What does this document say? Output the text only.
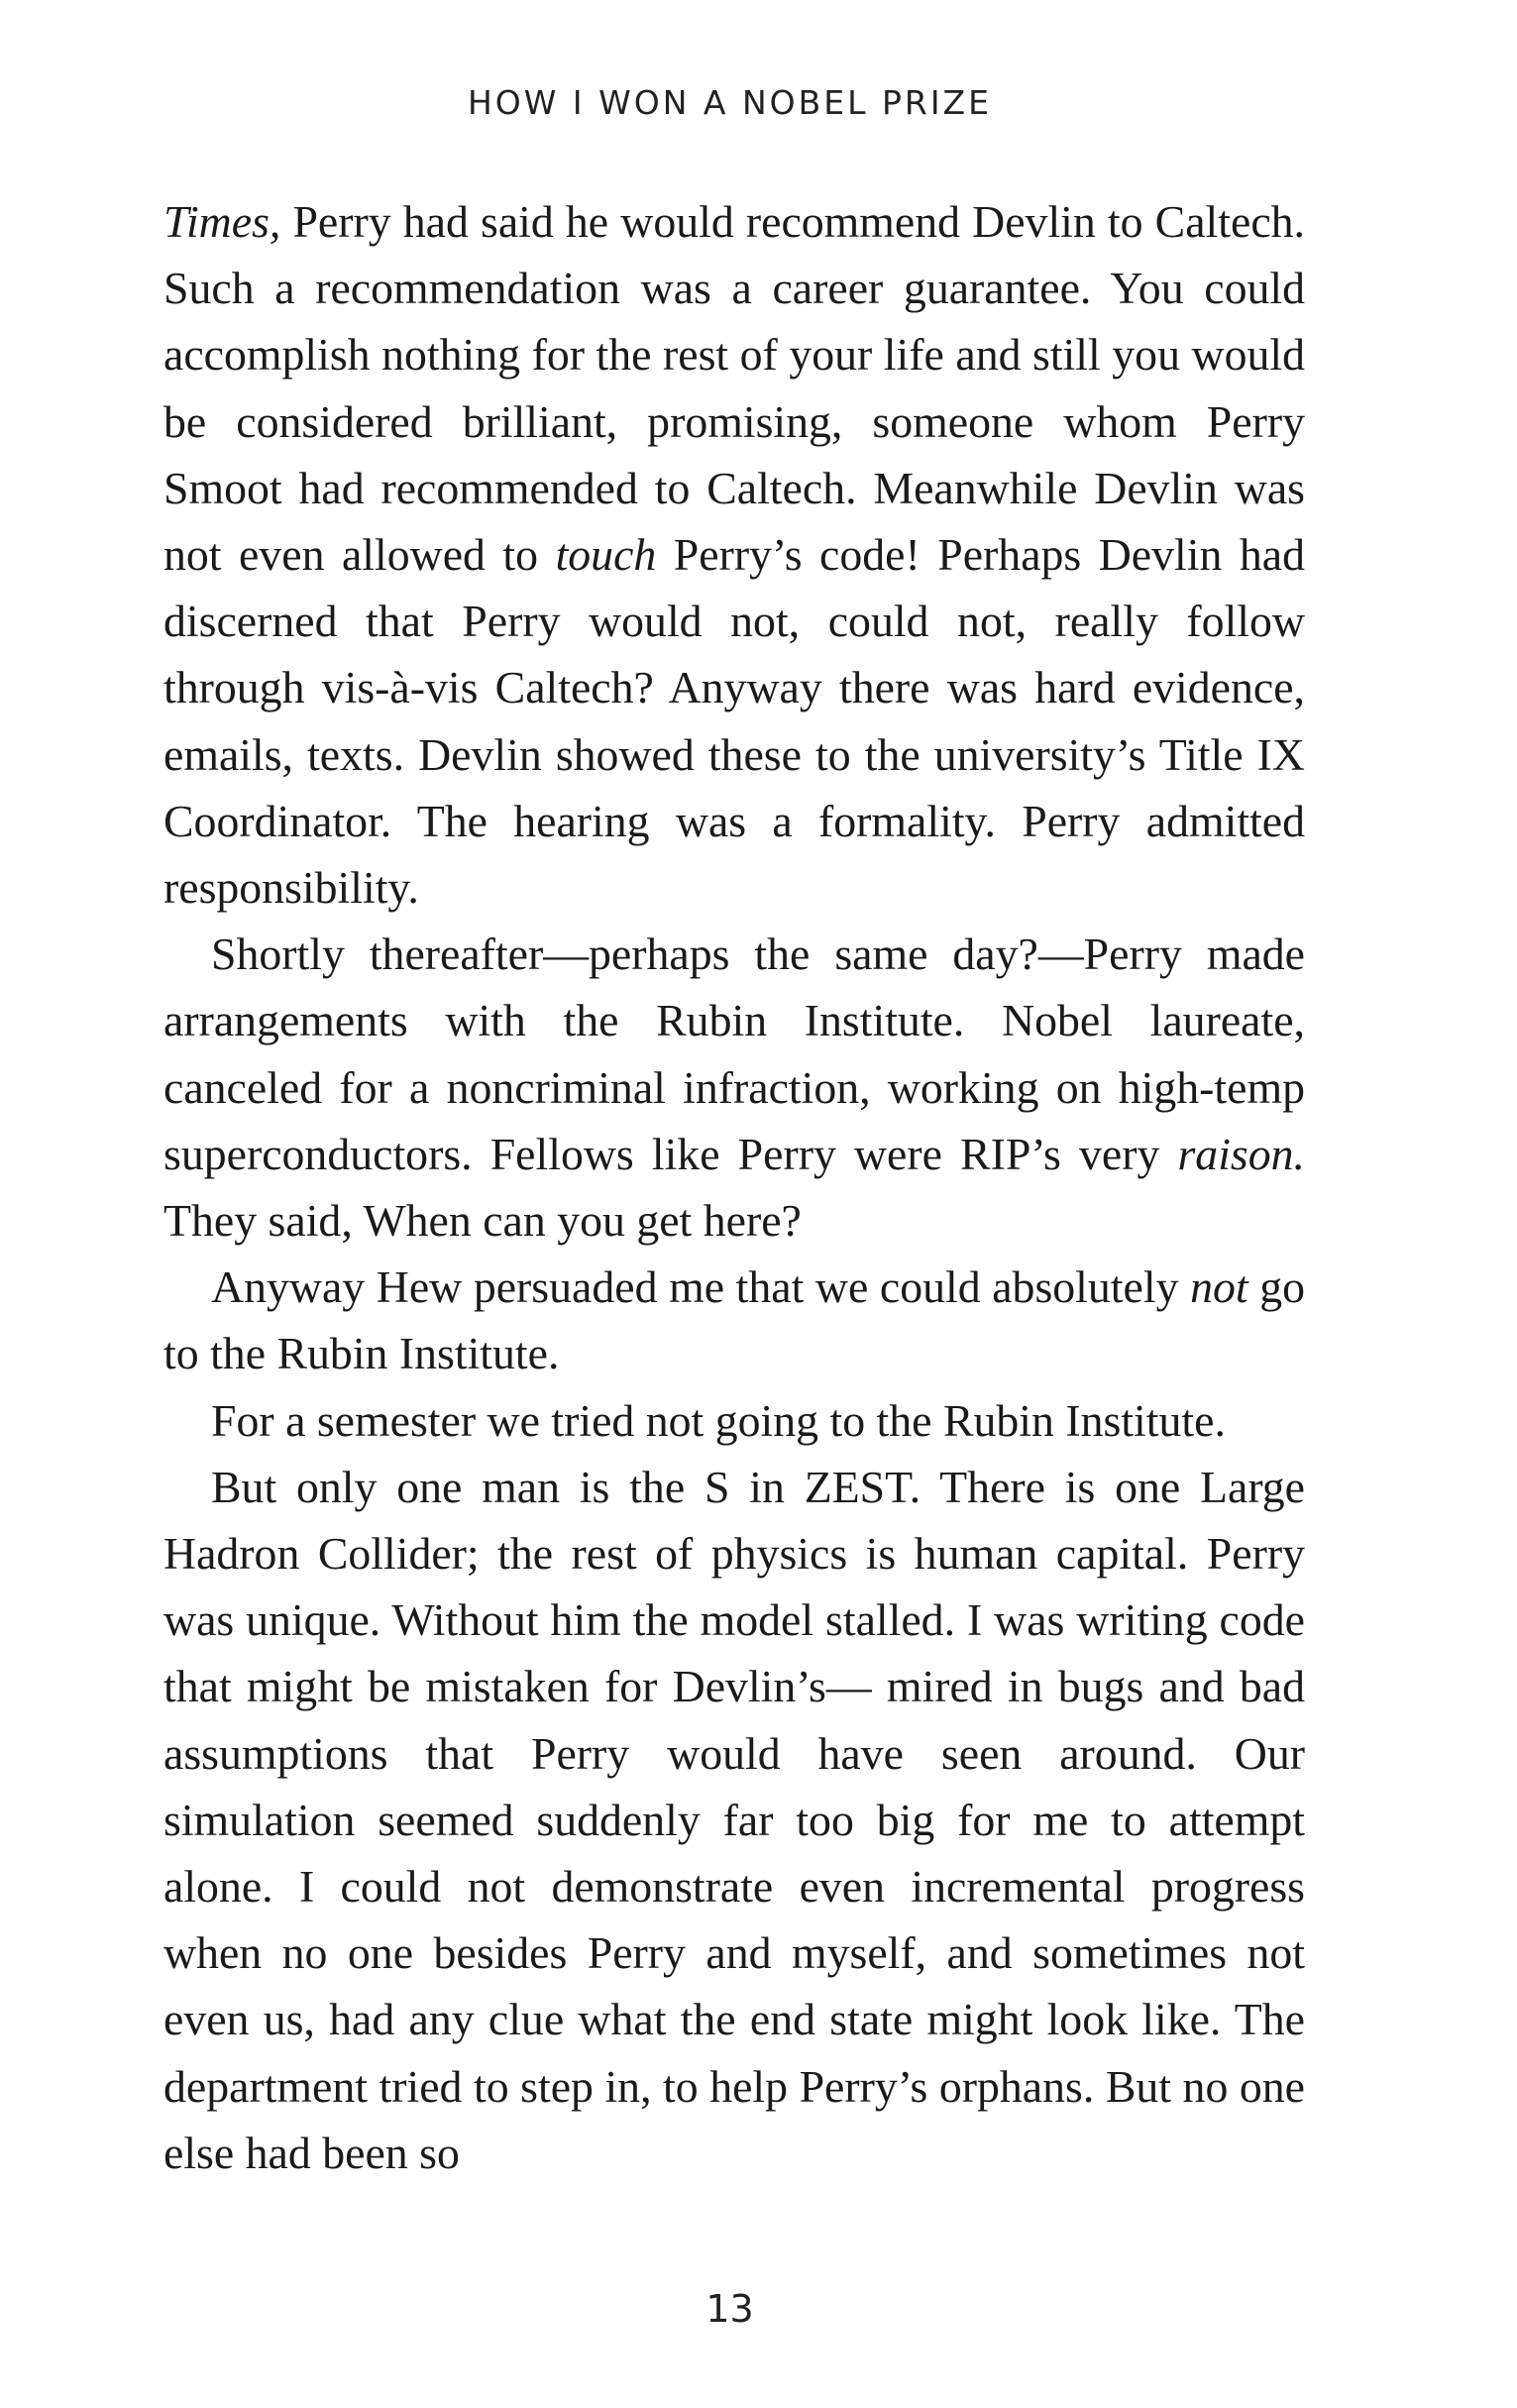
HOW I WON A NOBEL PRIZE

Times, Perry had said he would recommend Devlin to Caltech. Such a recommendation was a career guarantee. You could accomplish nothing for the rest of your life and still you would be considered brilliant, promising, someone whom Perry Smoot had recommended to Caltech. Meanwhile Devlin was not even allowed to touch Perry’s code! Perhaps Devlin had discerned that Perry would not, could not, really follow through vis-à-vis Caltech? Anyway there was hard evidence, emails, texts. Devlin showed these to the university’s Title IX Coordinator. The hearing was a formality. Perry admitted responsibility.

Shortly thereafter—perhaps the same day?—Perry made arrangements with the Rubin Institute. Nobel laureate, canceled for a noncriminal infraction, working on high-temp superconductors. Fellows like Perry were RIP’s very raison. They said, When can you get here?

Anyway Hew persuaded me that we could absolutely not go to the Rubin Institute.

For a semester we tried not going to the Rubin Institute.

But only one man is the S in ZEST. There is one Large Hadron Collider; the rest of physics is human capital. Perry was unique. Without him the model stalled. I was writing code that might be mistaken for Devlin’s— mired in bugs and bad assumptions that Perry would have seen around. Our simulation seemed suddenly far too big for me to attempt alone. I could not demonstrate even incremental progress when no one besides Perry and myself, and sometimes not even us, had any clue what the end state might look like. The department tried to step in, to help Perry’s orphans. But no one else had been so

13
